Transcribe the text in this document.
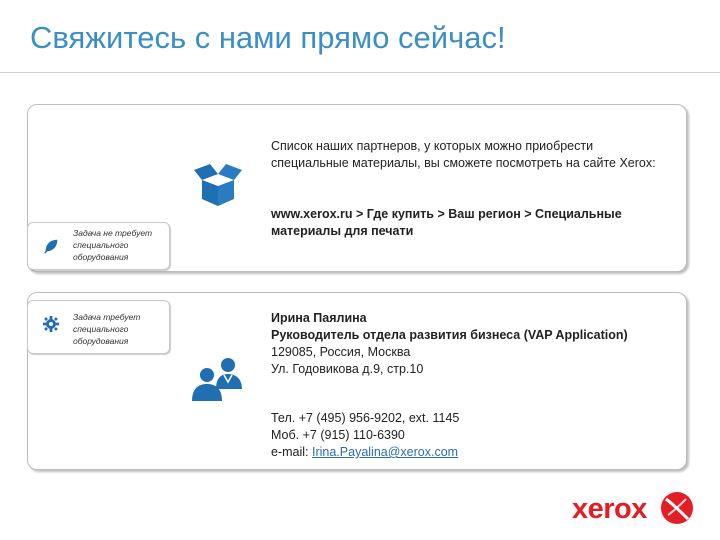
Свяжитесь с нами прямо сейчас!
Задача не требует специального оборудования
Задача требует специального оборудования
Список наших партнеров, у которых можно приобрести специальные материалы, вы сможете посмотреть на сайте Xerox:
www.xerox.ru > Где купить > Ваш регион > Специальные материалы для печати
Ирина Паялина
Руководитель отдела развития бизнеса (VAP Application)
129085, Россия, Москва
Ул. Годовикова д.9, стр.10
Тел. +7 (495) 956-9202, ext. 1145
Моб. +7 (915) 110-6390
e-mail: Irina.Payalina@xerox.com
xerox
